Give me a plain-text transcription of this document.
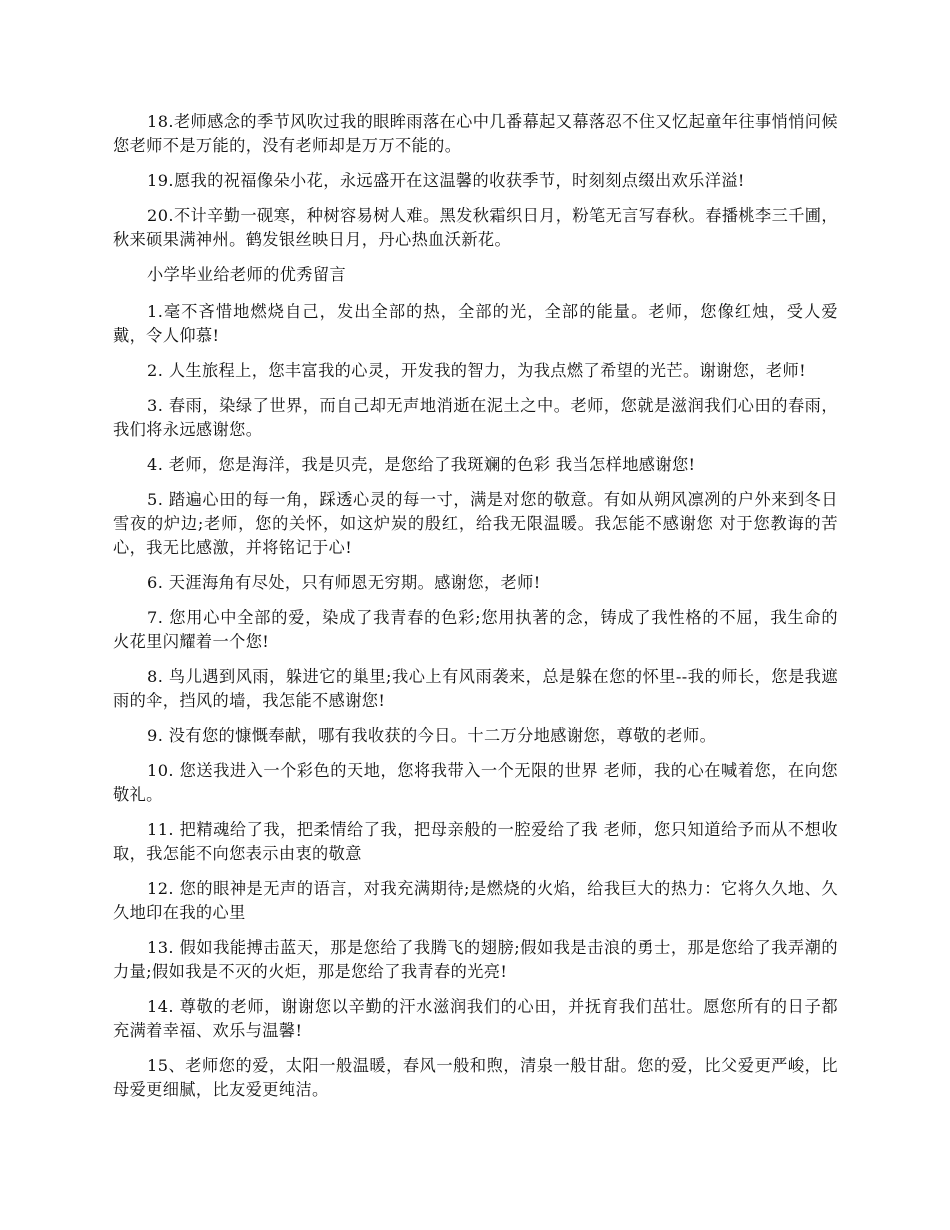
18.老师感念的季节风吹过我的眼眸雨落在心中几番幕起又幕落忍不住又忆起童年往事悄悄问候您老师不是万能的，没有老师却是万万不能的。

19.愿我的祝福像朵小花，永远盛开在这温馨的收获季节，时刻刻点缀出欢乐洋溢!

20.不计辛勤一砚寒，种树容易树人难。黑发秋霜织日月，粉笔无言写春秋。春播桃李三千圃，秋来硕果满神州。鹤发银丝映日月，丹心热血沃新花。

小学毕业给老师的优秀留言

1.毫不吝惜地燃烧自己，发出全部的热，全部的光，全部的能量。老师，您像红烛，受人爱戴，令人仰慕!

2. 人生旅程上，您丰富我的心灵，开发我的智力，为我点燃了希望的光芒。谢谢您，老师!

3. 春雨，染绿了世界，而自己却无声地消逝在泥土之中。老师，您就是滋润我们心田的春雨，我们将永远感谢您。

4. 老师，您是海洋，我是贝壳，是您给了我斑斓的色彩 我当怎样地感谢您!

5. 踏遍心田的每一角，踩透心灵的每一寸，满是对您的敬意。有如从朔风凛冽的户外来到冬日雪夜的炉边;老师，您的关怀，如这炉炭的殷红，给我无限温暖。我怎能不感谢您 对于您教诲的苦心，我无比感激，并将铭记于心!

6. 天涯海角有尽处，只有师恩无穷期。感谢您，老师!

7. 您用心中全部的爱，染成了我青春的色彩;您用执著的念，铸成了我性格的不屈，我生命的火花里闪耀着一个您!

8. 鸟儿遇到风雨，躲进它的巢里;我心上有风雨袭来，总是躲在您的怀里--我的师长，您是我遮雨的伞，挡风的墙，我怎能不感谢您!

9. 没有您的慷慨奉献，哪有我收获的今日。十二万分地感谢您，尊敬的老师。

10. 您送我进入一个彩色的天地，您将我带入一个无限的世界 老师，我的心在喊着您，在向您敬礼。

11. 把精魂给了我，把柔情给了我，把母亲般的一腔爱给了我 老师，您只知道给予而从不想收取，我怎能不向您表示由衷的敬意

12. 您的眼神是无声的语言，对我充满期待;是燃烧的火焰，给我巨大的热力：它将久久地、久久地印在我的心里

13. 假如我能搏击蓝天，那是您给了我腾飞的翅膀;假如我是击浪的勇士，那是您给了我弄潮的力量;假如我是不灭的火炬，那是您给了我青春的光亮!

14. 尊敬的老师，谢谢您以辛勤的汗水滋润我们的心田，并抚育我们茁壮。愿您所有的日子都充满着幸福、欢乐与温馨!

15、老师您的爱，太阳一般温暖，春风一般和煦，清泉一般甘甜。您的爱，比父爱更严峻，比母爱更细腻，比友爱更纯洁。
